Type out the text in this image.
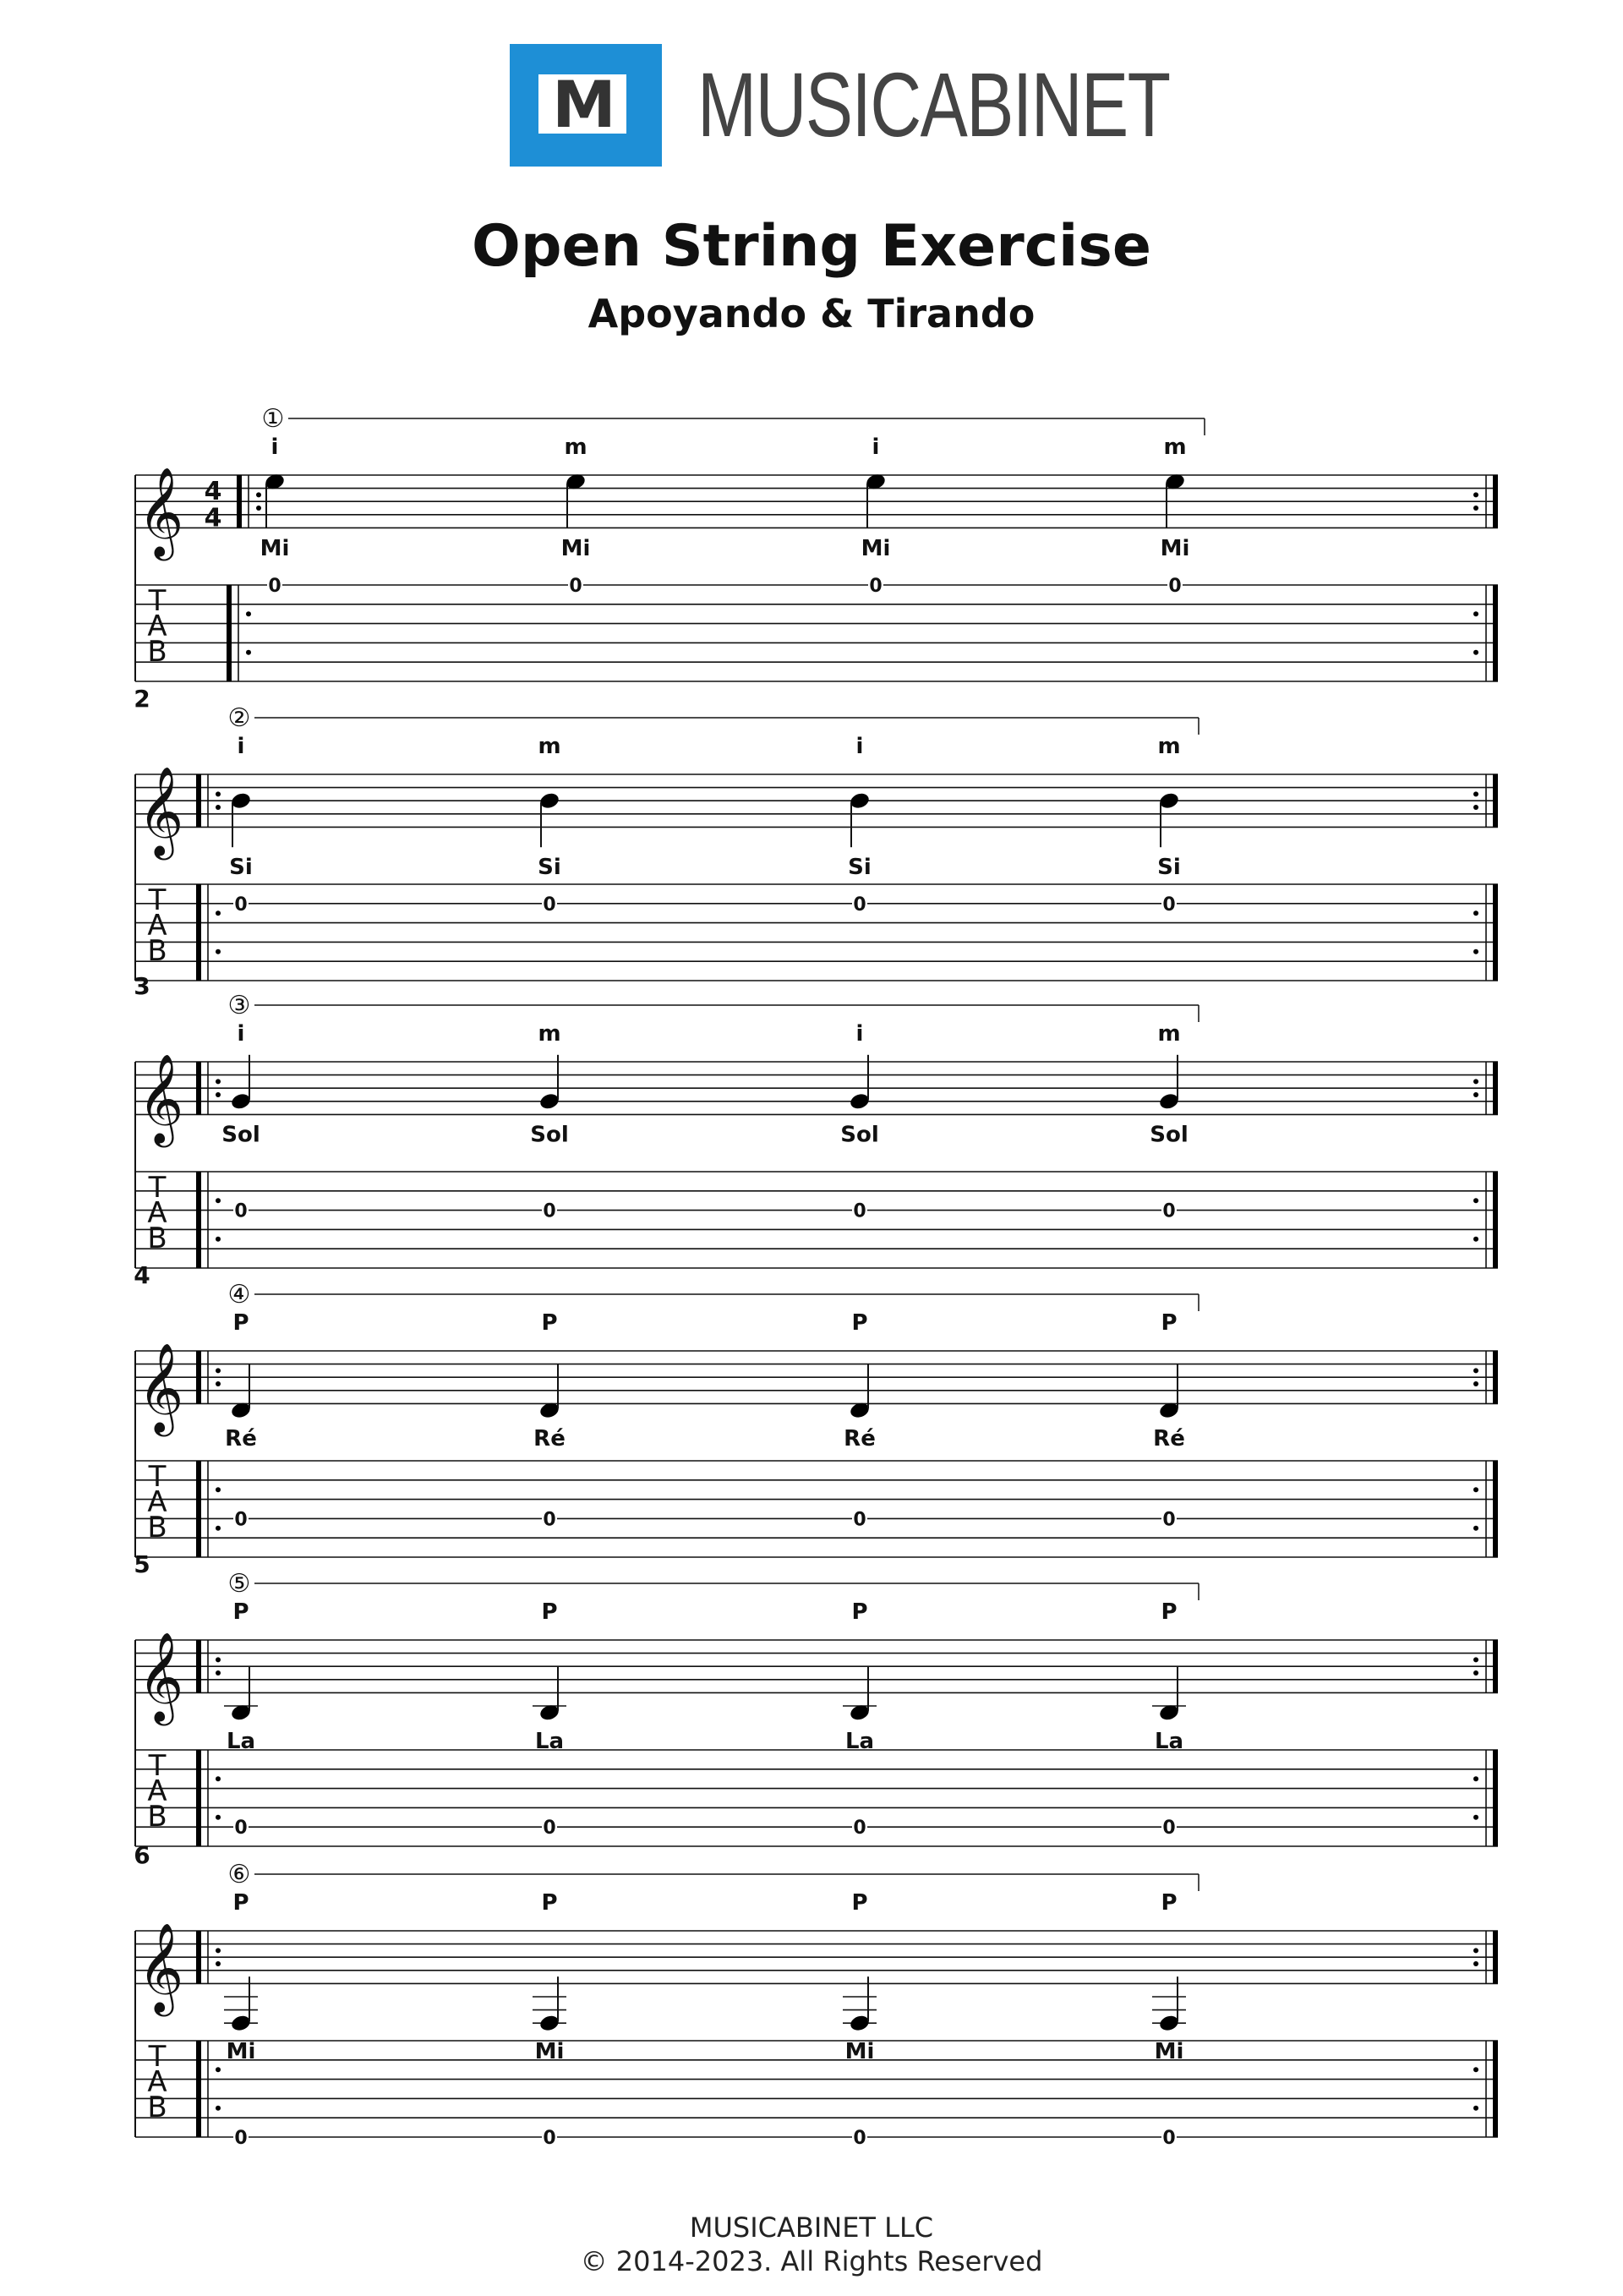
M MUSICABINET
Open String Exercise
Apoyando & Tirando
𝄞 4
4
T
A
B
①
i
Mi
0
m
Mi
0
i
Mi
0
m
Mi
0
𝄞
T
A
B
2
②
i
Si
0
m
Si
0
i
Si
0
m
Si
0
𝄞
T
A
B
3
③
i
Sol
0
m
Sol
0
i
Sol
0
m
Sol
0
𝄞
T
A
B
4
④
P
Ré
0
P
Ré
0
P
Ré
0
P
Ré
0
𝄞
T
A
B
5
⑤
P
La
0
P
La
0
P
La
0
P
La
0
𝄞
T
A
B
6
⑥
P
Mi
0
P
Mi
0
P
Mi
0
P
Mi
0
MUSICABINET LLC
© 2014-2023. All Rights Reserved
